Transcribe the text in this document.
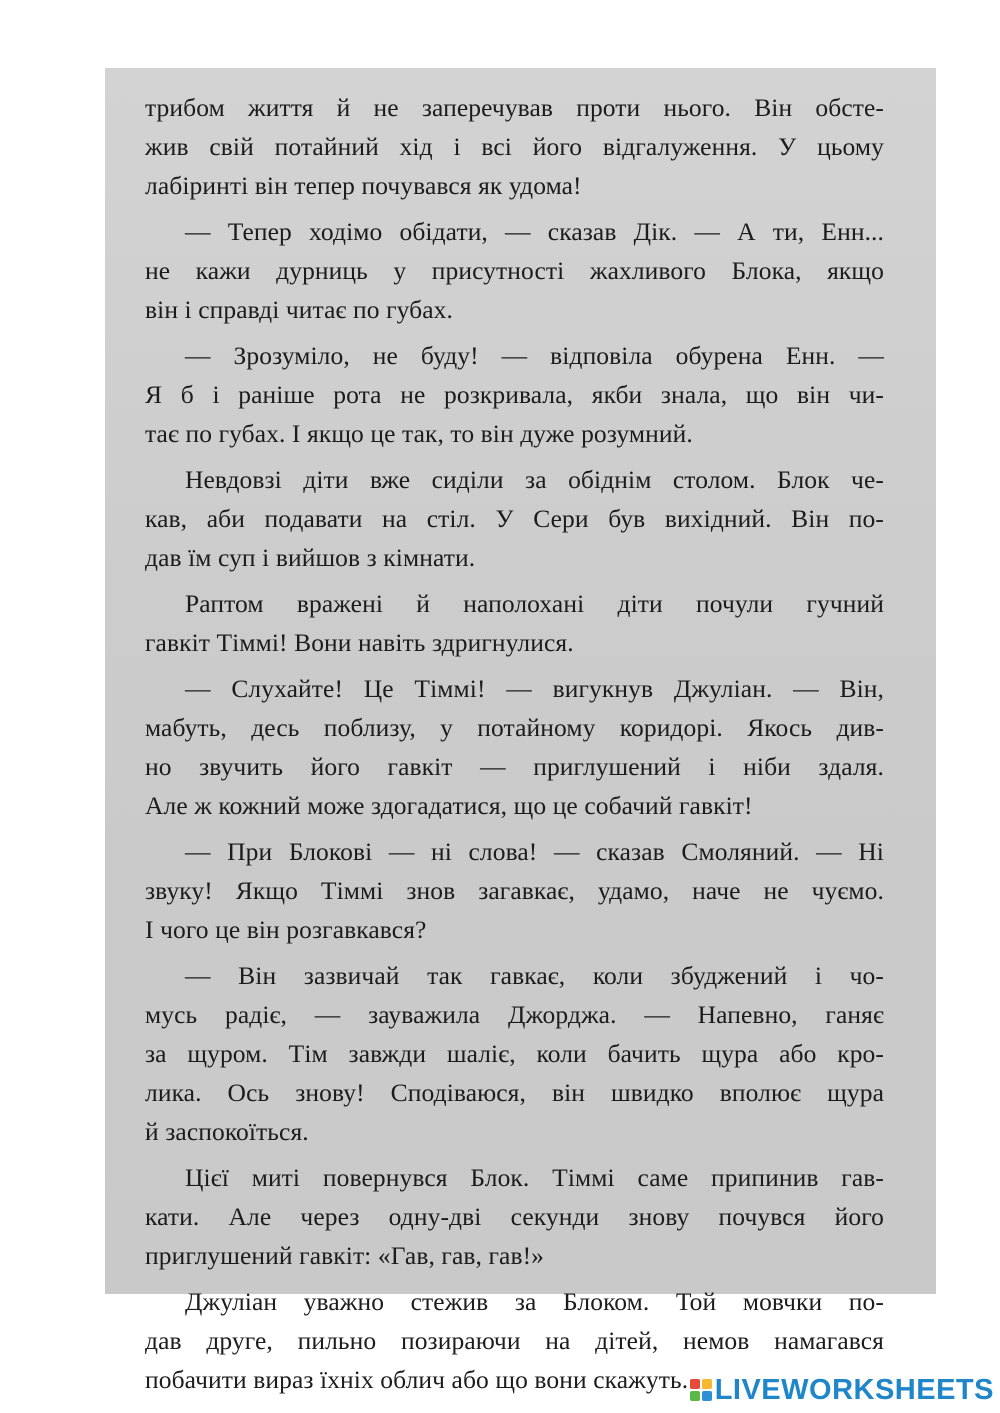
трибом життя й не заперечував проти нього. Він обсте-
жив свій потайний хід і всі його відгалуження. У цьому
лабіринті він тепер почувався як удома!

— Тепер ходімо обідати, — сказав Дік. — А ти, Енн...
не кажи дурниць у присутності жахливого Блока, якщо
він і справді читає по губах.

— Зрозуміло, не буду! — відповіла обурена Енн. —
Я б і раніше рота не розкривала, якби знала, що він чи-
тає по губах. І якщо це так, то він дуже розумний.

Невдовзі діти вже сиділи за обіднім столом. Блок че-
кав, аби подавати на стіл. У Сери був вихідний. Він по-
дав їм суп і вийшов з кімнати.

Раптом вражені й наполохані діти почули гучний
гавкіт Тіммі! Вони навіть здригнулися.

— Слухайте! Це Тіммі! — вигукнув Джуліан. — Він,
мабуть, десь поблизу, у потайному коридорі. Якось див-
но звучить його гавкіт — приглушений і ніби здаля.
Але ж кожний може здогадатися, що це собачий гавкіт!

— При Блокові — ні слова! — сказав Смоляний. — Ні
звуку! Якщо Тіммі знов загавкає, удамо, наче не чуємо.
І чого це він розгавкався?

— Він зазвичай так гавкає, коли збуджений і чо-
мусь радіє, — зауважила Джорджа. — Напевно, ганяє
за щуром. Тім завжди шаліє, коли бачить щура або кро-
лика. Ось знову! Сподіваюся, він швидко вполює щура
й заспокоїться.

Цієї миті повернувся Блок. Тіммі саме припинив гав-
кати. Але через одну-дві секунди знову почувся його
приглушений гавкіт: «Гав, гав, гав!»

Джуліан уважно стежив за Блоком. Той мовчки по-
дав друге, пильно позираючи на дітей, немов намагався
побачити вираз їхніх облич або що вони скажуть. LIVEWORKSHEETS
